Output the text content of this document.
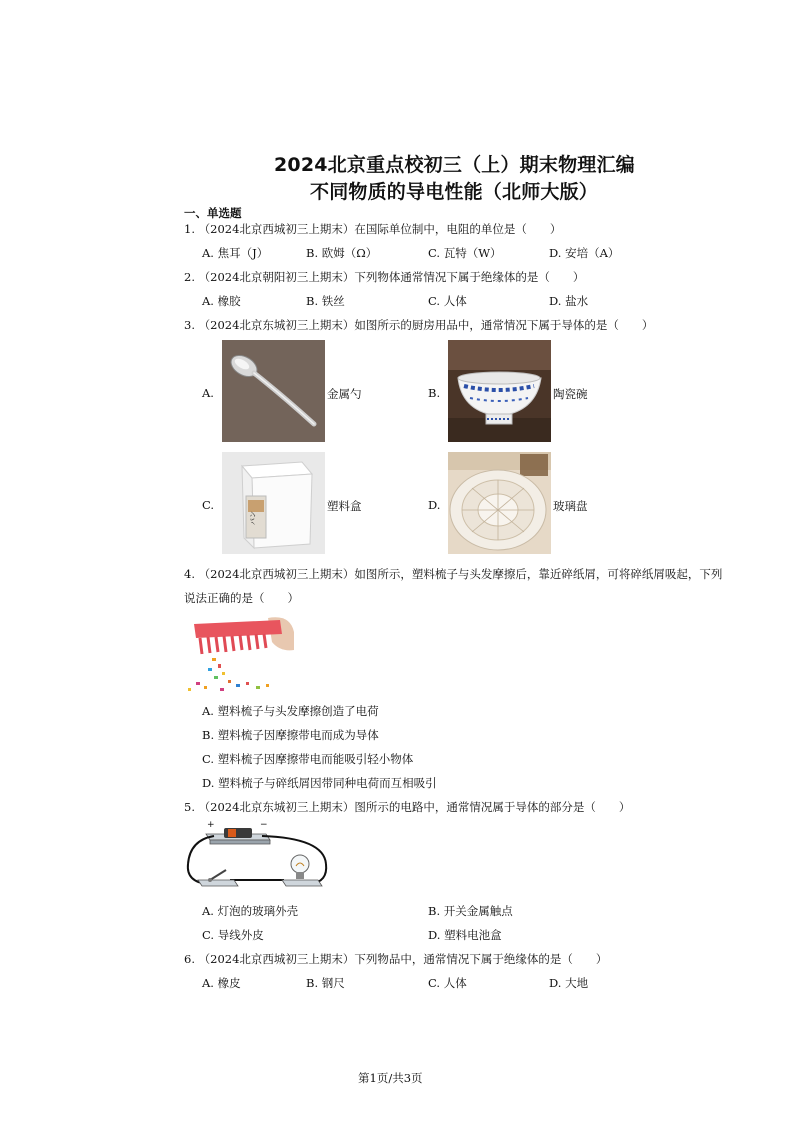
2024北京重点校初三（上）期末物理汇编
不同物质的导电性能（北师大版）
一、单选题
1. （2024北京西城初三上期末）在国际单位制中，电阻的单位是（　　）
A. 焦耳（J）	B. 欧姆（Ω）	C. 瓦特（W）	D. 安培（A）
2. （2024北京朝阳初三上期末）下列物体通常情况下属于绝缘体的是（　　）
A. 橡胶	B. 铁丝	C. 人体	D. 盐水
3. （2024北京东城初三上期末）如图所示的厨房用品中，通常情况下属于导体的是（　　）
A.	金属勺	B.	陶瓷碗
C.
パン
塑料盒	D.	玻璃盘
4. （2024北京西城初三上期末）如图所示，塑料梳子与头发摩擦后，靠近碎纸屑，可将碎纸屑吸起，下列
说法正确的是（　　）
A. 塑料梳子与头发摩擦创造了电荷
B. 塑料梳子因摩擦带电而成为导体
C. 塑料梳子因摩擦带电而能吸引轻小物体
D. 塑料梳子与碎纸屑因带同种电荷而互相吸引
5. （2024北京东城初三上期末）图所示的电路中，通常情况属于导体的部分是（　　）
+	−
A. 灯泡的玻璃外壳	B. 开关金属触点
C. 导线外皮	D. 塑料电池盒
6. （2024北京西城初三上期末）下列物品中，通常情况下属于绝缘体的是（　　）
A. 橡皮	B. 钢尺	C. 人体	D. 大地
第1页/共3页
